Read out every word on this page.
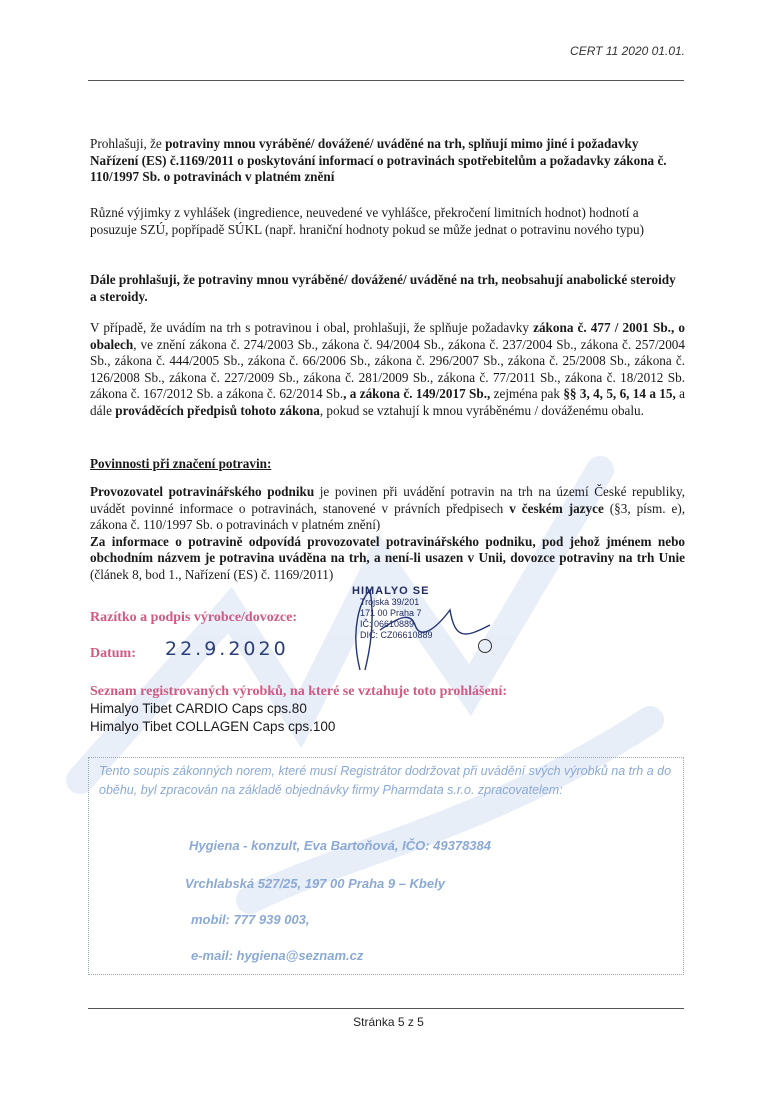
CERT 11 2020 01.01.
Prohlašuji, že potraviny mnou vyráběné/ dovážené/ uváděné na trh, splňují mimo jiné i požadavky Nařízení (ES) č.1169/2011 o poskytování informací o potravinách spotřebitelům a požadavky zákona č. 110/1997 Sb. o potravinách v platném znění
Různé výjimky z vyhlášek (ingredience, neuvedené ve vyhlášce, překročení limitních hodnot) hodnotí a posuzuje SZÚ, popřípadě SÚKL (např. hraniční hodnoty pokud se může jednat o potravinu nového typu)
Dále prohlašuji, že potraviny mnou vyráběné/ dovážené/ uváděné na trh, neobsahují anabolické steroidy a steroidy.
V případě, že uvádím na trh s potravinou i obal, prohlašuji, že splňuje požadavky zákona č. 477 / 2001 Sb., o obalech, ve znění zákona č. 274/2003 Sb., zákona č. 94/2004 Sb., zákona č. 237/2004 Sb., zákona č. 257/2004 Sb., zákona č. 444/2005 Sb., zákona č. 66/2006 Sb., zákona č. 296/2007 Sb., zákona č. 25/2008 Sb., zákona č. 126/2008 Sb., zákona č. 227/2009 Sb., zákona č. 281/2009 Sb., zákona č. 77/2011 Sb., zákona č. 18/2012 Sb. zákona č. 167/2012 Sb. a zákona č. 62/2014 Sb., a zákona č. 149/2017 Sb., zejména pak §§ 3, 4, 5, 6, 14 a 15, a dále prováděcích předpisů tohoto zákona, pokud se vztahují k mnou vyráběnému / dováženému obalu.
Povinnosti při značení potravin:
Provozovatel potravinářského podniku je povinen při uvádění potravin na trh na území České republiky, uvádět povinné informace o potravinách, stanovené v právních předpisech v českém jazyce (§3, písm. e), zákona č. 110/1997 Sb. o potravinách v platném znění)
Za informace o potravině odpovídá provozovatel potravinářského podniku, pod jehož jménem nebo obchodním názvem je potravina uváděna na trh, a není-li usazen v Unii, dovozce potraviny na trh Unie (článek 8, bod 1., Nařízení (ES) č. 1169/2011)
Razítko a podpis výrobce/dovozce:
Datum: 22.9.2020
HIMALYO SE
Trojská 39/201
171 00 Praha 7
IČ: 06610889
DIČ: CZ06610889
Seznam registrovaných výrobků, na které se vztahuje toto prohlášení:
Himalyo Tibet CARDIO Caps cps.80
Himalyo Tibet COLLAGEN Caps cps.100
Tento soupis zákonných norem, které musí Registrátor dodržovat při uvádění svých výrobků na trh a do oběhu, byl zpracován na základě objednávky firmy Pharmdata s.r.o. zpracovatelem:
Hygiena - konzult, Eva Bartoňová, IČO: 49378384
Vrchlabská 527/25, 197 00 Praha 9 – Kbely
mobil: 777 939 003,
e-mail: hygiena@seznam.cz
Stránka 5 z 5
